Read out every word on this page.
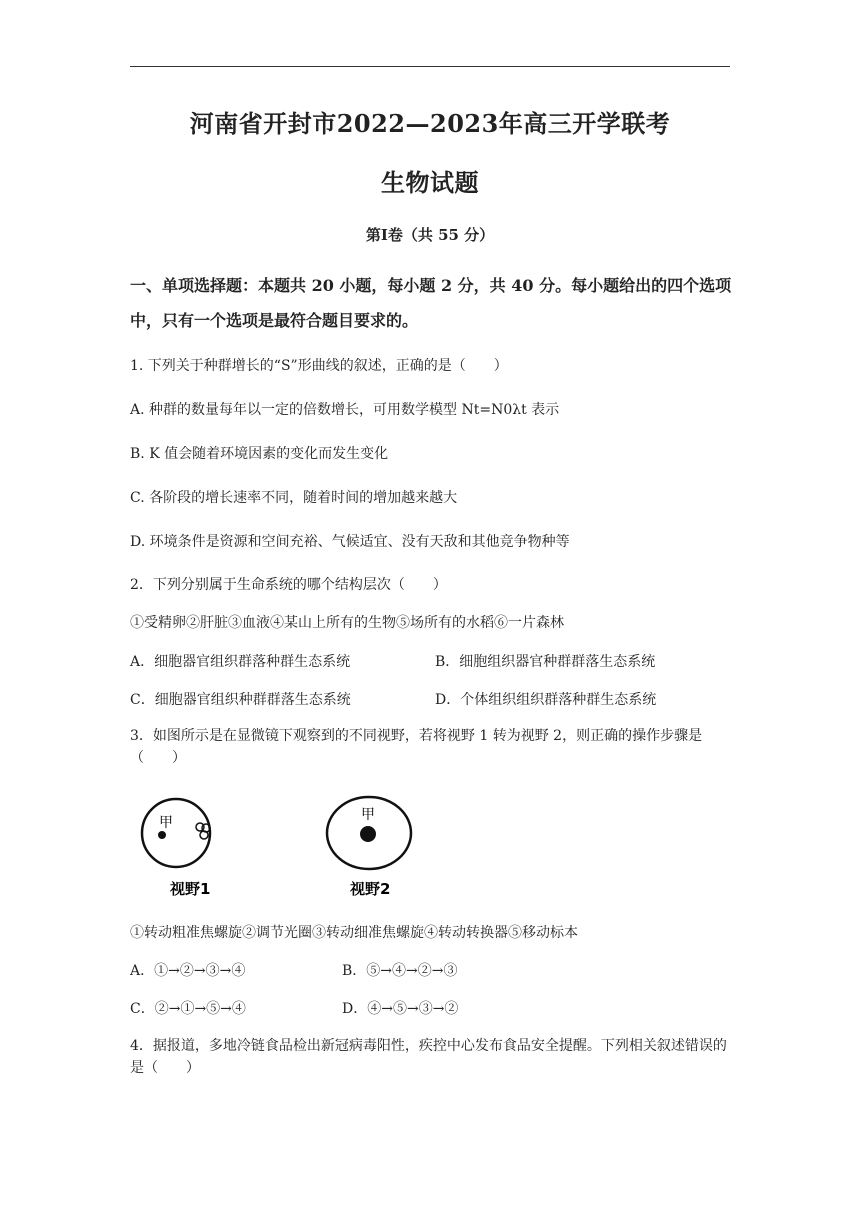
河南省开封市2022—2023年高三开学联考
生物试题
第Ⅰ卷（共 55 分）
一、单项选择题：本题共 20 小题，每小题 2 分，共 40 分。每小题给出的四个选项中，只有一个选项是最符合题目要求的。
1. 下列关于种群增长的“S”形曲线的叙述，正确的是（　　）
A. 种群的数量每年以一定的倍数增长，可用数学模型 Nt=N0λt 表示
B. K 值会随着环境因素的变化而发生变化
C. 各阶段的增长速率不同，随着时间的增加越来越大
D. 环境条件是资源和空间充裕、气候适宜、没有天敌和其他竞争物种等
2．下列分别属于生命系统的哪个结构层次（　　）
①受精卵②肝脏③血液④某山上所有的生物⑤场所有的水稻⑥一片森林
A．细胞器官组织群落种群生态系统	B．细胞组织器官种群群落生态系统
C．细胞器官组织种群群落生态系统	D．个体组织组织群落种群生态系统
3．如图所示是在显微镜下观察到的不同视野，若将视野 1 转为视野 2，则正确的操作步骤是（　　）
甲	甲
视野1	视野2
①转动粗准焦螺旋②调节光圈③转动细准焦螺旋④转动转换器⑤移动标本
A．①→②→③→④	B．⑤→④→②→③
C．②→①→⑤→④	D．④→⑤→③→②
4．据报道，多地冷链食品检出新冠病毒阳性，疾控中心发布食品安全提醒。下列相关叙述错误的是（　　）
